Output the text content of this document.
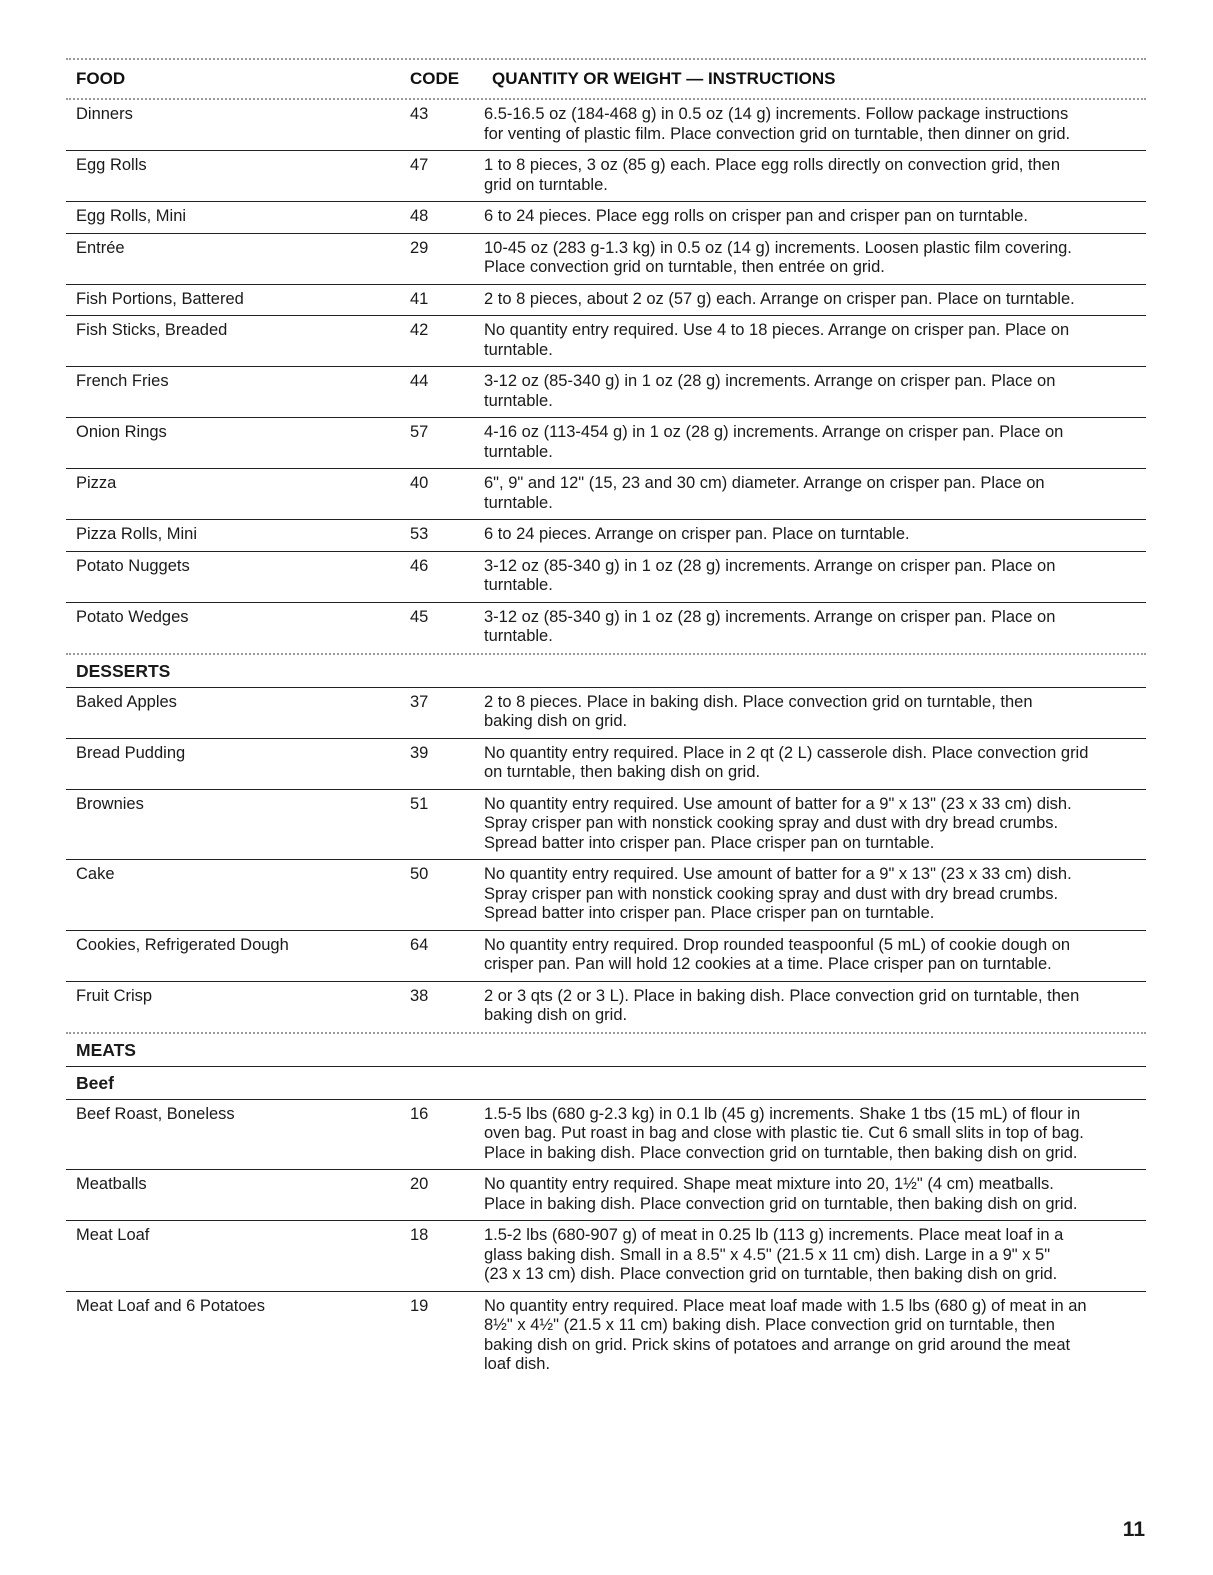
FOOD	CODE	QUANTITY OR WEIGHT — INSTRUCTIONS
Dinners	43	6.5-16.5 oz (184-468 g) in 0.5 oz (14 g) increments. Follow package instructions
for venting of plastic film. Place convection grid on turntable, then dinner on grid.
Egg Rolls	47	1 to 8 pieces, 3 oz (85 g) each. Place egg rolls directly on convection grid, then
grid on turntable.
Egg Rolls, Mini	48	6 to 24 pieces. Place egg rolls on crisper pan and crisper pan on turntable.
Entrée	29	10-45 oz (283 g-1.3 kg) in 0.5 oz (14 g) increments. Loosen plastic film covering.
Place convection grid on turntable, then entrée on grid.
Fish Portions, Battered	41	2 to 8 pieces, about 2 oz (57 g) each. Arrange on crisper pan. Place on turntable.
Fish Sticks, Breaded	42	No quantity entry required. Use 4 to 18 pieces. Arrange on crisper pan. Place on
turntable.
French Fries	44	3-12 oz (85-340 g) in 1 oz (28 g) increments. Arrange on crisper pan. Place on
turntable.
Onion Rings	57	4-16 oz (113-454 g) in 1 oz (28 g) increments. Arrange on crisper pan. Place on
turntable.
Pizza	40	6", 9" and 12" (15, 23 and 30 cm) diameter. Arrange on crisper pan. Place on
turntable.
Pizza Rolls, Mini	53	6 to 24 pieces. Arrange on crisper pan. Place on turntable.
Potato Nuggets	46	3-12 oz (85-340 g) in 1 oz (28 g) increments. Arrange on crisper pan. Place on
turntable.
Potato Wedges	45	3-12 oz (85-340 g) in 1 oz (28 g) increments. Arrange on crisper pan. Place on
turntable.
DESSERTS
Baked Apples	37	2 to 8 pieces. Place in baking dish. Place convection grid on turntable, then
baking dish on grid.
Bread Pudding	39	No quantity entry required. Place in 2 qt (2 L) casserole dish. Place convection grid
on turntable, then baking dish on grid.
Brownies	51	No quantity entry required. Use amount of batter for a 9" x 13" (23 x 33 cm) dish.
Spray crisper pan with nonstick cooking spray and dust with dry bread crumbs.
Spread batter into crisper pan. Place crisper pan on turntable.
Cake	50	No quantity entry required. Use amount of batter for a 9" x 13" (23 x 33 cm) dish.
Spray crisper pan with nonstick cooking spray and dust with dry bread crumbs.
Spread batter into crisper pan. Place crisper pan on turntable.
Cookies, Refrigerated Dough	64	No quantity entry required. Drop rounded teaspoonful (5 mL) of cookie dough on
crisper pan. Pan will hold 12 cookies at a time. Place crisper pan on turntable.
Fruit Crisp	38	2 or 3 qts (2 or 3 L). Place in baking dish. Place convection grid on turntable, then
baking dish on grid.
MEATS
Beef
Beef Roast, Boneless	16	1.5-5 lbs (680 g-2.3 kg) in 0.1 lb (45 g) increments. Shake 1 tbs (15 mL) of flour in
oven bag. Put roast in bag and close with plastic tie. Cut 6 small slits in top of bag.
Place in baking dish. Place convection grid on turntable, then baking dish on grid.
Meatballs	20	No quantity entry required. Shape meat mixture into 20, 1½" (4 cm) meatballs.
Place in baking dish. Place convection grid on turntable, then baking dish on grid.
Meat Loaf	18	1.5-2 lbs (680-907 g) of meat in 0.25 lb (113 g) increments. Place meat loaf in a
glass baking dish. Small in a 8.5" x 4.5" (21.5 x 11 cm) dish. Large in a 9" x 5"
(23 x 13 cm) dish. Place convection grid on turntable, then baking dish on grid.
Meat Loaf and 6 Potatoes	19	No quantity entry required. Place meat loaf made with 1.5 lbs (680 g) of meat in an
8½" x 4½" (21.5 x 11 cm) baking dish. Place convection grid on turntable, then
baking dish on grid. Prick skins of potatoes and arrange on grid around the meat
loaf dish.
11
